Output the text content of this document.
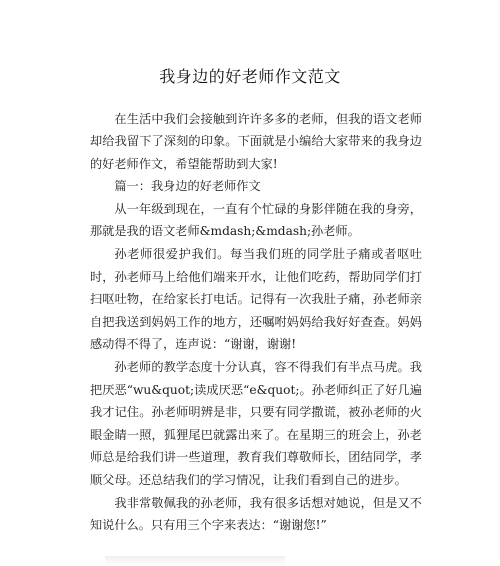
我身边的好老师作文范文

在生活中我们会接触到许许多多的老师，但我的语文老师却给我留下了深刻的印象。下面就是小编给大家带来的我身边的好老师作文，希望能帮助到大家!

篇一：我身边的好老师作文

从一年级到现在，一直有个忙碌的身影伴随在我的身旁，那就是我的语文老师&mdash;&mdash;孙老师。

孙老师很爱护我们。每当我们班的同学肚子痛或者呕吐时，孙老师马上给他们端来开水，让他们吃药，帮助同学们打扫呕吐物，在给家长打电话。记得有一次我肚子痛，孙老师亲自把我送到妈妈工作的地方，还嘱咐妈妈给我好好查查。妈妈感动得不得了，连声说：“谢谢，谢谢!

孙老师的教学态度十分认真，容不得我们有半点马虎。我把厌恶“wu&quot;读成厌恶“e&quot;。孙老师纠正了好几遍我才记住。孙老师明辨是非，只要有同学撒谎，被孙老师的火眼金睛一照，狐狸尾巴就露出来了。在星期三的班会上，孙老师总是给我们讲一些道理，教育我们尊敬师长，团结同学，孝顺父母。还总结我们的学习情况，让我们看到自己的进步。

我非常敬佩我的孙老师，我有很多话想对她说，但是又不知说什么。只有用三个字来表达：“谢谢您!”
